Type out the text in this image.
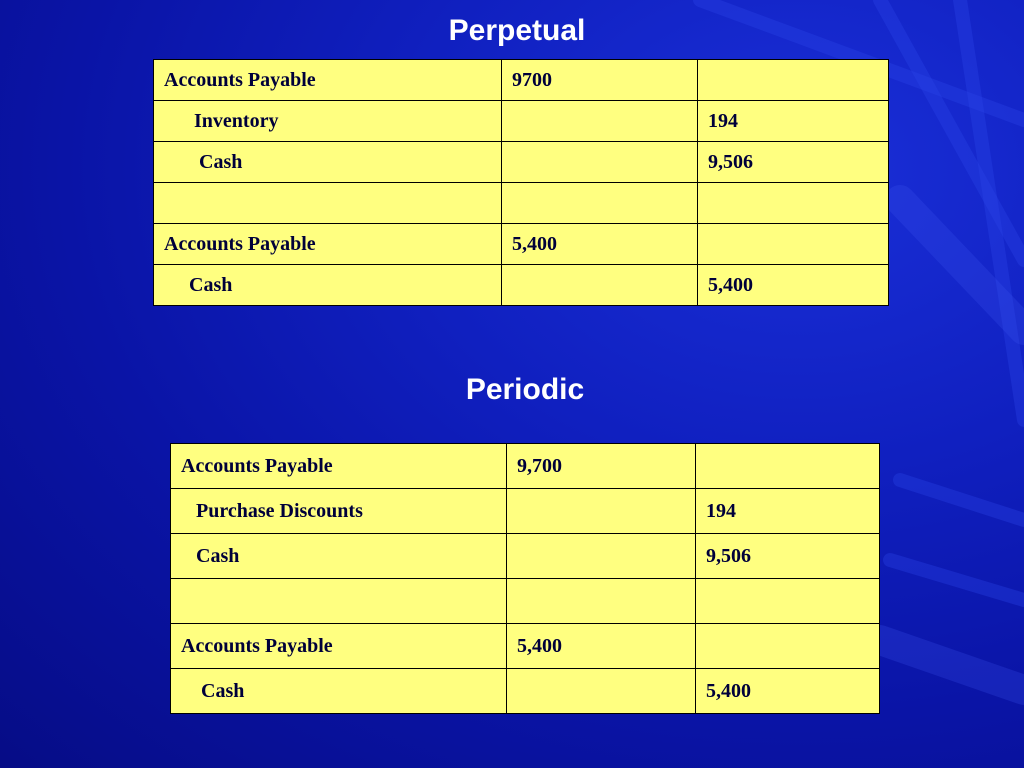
Perpetual
Accounts Payable	9700	
Inventory		194
Cash		9,506

Accounts Payable	5,400	
Cash		5,400
Periodic
Accounts Payable	9,700	
Purchase Discounts		194
Cash		9,506

Accounts Payable	5,400	
Cash		5,400
